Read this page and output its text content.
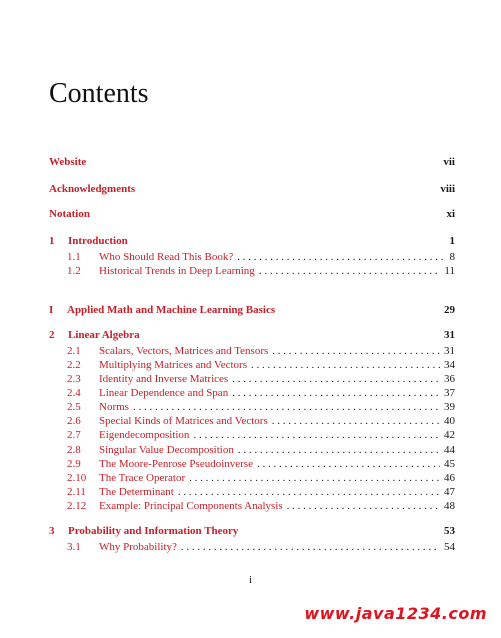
Contents
Website	vii
Acknowledgments	viii
Notation	xi
1	Introduction	1
1.1	Who Should Read This Book? . . .	8
1.2	Historical Trends in Deep Learning . . .	11
I	Applied Math and Machine Learning Basics	29
2	Linear Algebra	31
2.1	Scalars, Vectors, Matrices and Tensors . . .	31
2.2	Multiplying Matrices and Vectors . . .	34
2.3	Identity and Inverse Matrices . . .	36
2.4	Linear Dependence and Span . . .	37
2.5	Norms . . .	39
2.6	Special Kinds of Matrices and Vectors . . .	40
2.7	Eigendecomposition . . .	42
2.8	Singular Value Decomposition . . .	44
2.9	The Moore-Penrose Pseudoinverse . . .	45
2.10 The Trace Operator . . .	46
2.11 The Determinant . . .	47
2.12 Example: Principal Components Analysis . . .	48
3	Probability and Information Theory	53
3.1	Why Probability? . . .	54
i
www.java1234.com
